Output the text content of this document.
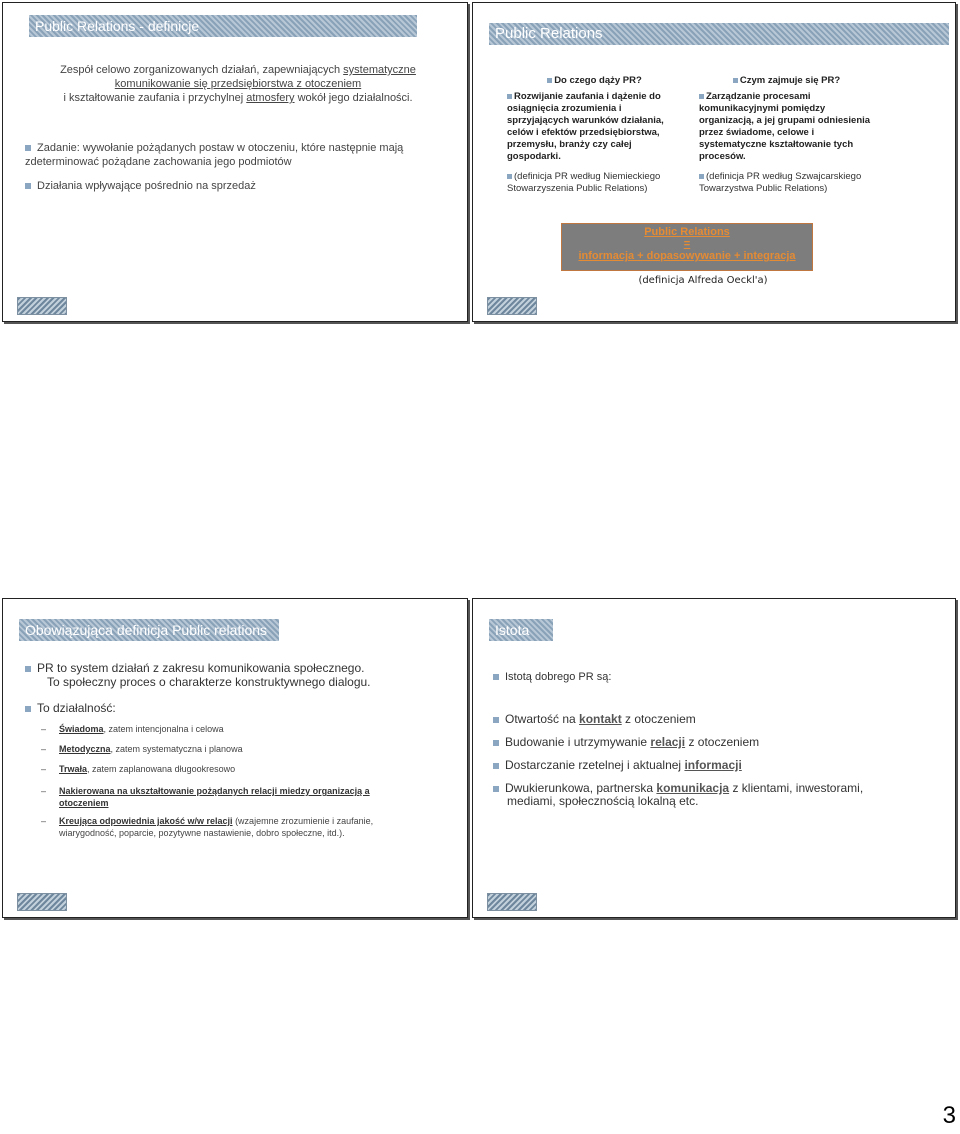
Public Relations - definicje
Zespół celowo zorganizowanych działań, zapewniających systematyczne
komunikowanie się przedsiębiorstwa z otoczeniem
i kształtowanie zaufania i przychylnej atmosfery wokół jego działalności.
Zadanie: wywołanie pożądanych postaw w otoczeniu, które następnie mają zdeterminować pożądane zachowania jego podmiotów
Działania wpływające pośrednio na sprzedaż
Public Relations
Do czego dąży PR?
Rozwijanie zaufania i dążenie do osiągnięcia zrozumienia i sprzyjających warunków działania, celów i efektów przedsiębiorstwa, przemysłu, branży czy całej gospodarki.
(definicja PR według Niemieckiego Stowarzyszenia Public Relations)
Czym zajmuje się PR?
Zarządzanie procesami komunikacyjnymi pomiędzy organizacją, a jej grupami odniesienia przez świadome, celowe i systematyczne kształtowanie tych procesów.
(definicja PR według Szwajcarskiego Towarzystwa Public Relations)
Public Relations
=
informacja + dopasowywanie + integracja
(definicja Alfreda Oeckl'a)
Obowiązująca definicja Public relations
PR to system działań z zakresu komunikowania społecznego.
To społeczny proces o charakterze konstruktywnego dialogu.
To działalność:
– Świadoma, zatem intencjonalna i celowa
– Metodyczna, zatem systematyczna i planowa
– Trwała, zatem zaplanowana długookresowo
– Nakierowana na ukształtowanie pożądanych relacji miedzy organizacją a otoczeniem
– Kreująca odpowiednia jakość w/w relacji (wzajemne zrozumienie i zaufanie, wiarygodność, poparcie, pozytywne nastawienie, dobro społeczne, itd.).
Istota PR
Istotą dobrego PR są:
Otwartość na kontakt z otoczeniem
Budowanie i utrzymywanie relacji z otoczeniem
Dostarczanie rzetelnej i aktualnej informacji
Dwukierunkowa, partnerska komunikacja z klientami, inwestorami,
mediami, społecznością lokalną etc.
3
